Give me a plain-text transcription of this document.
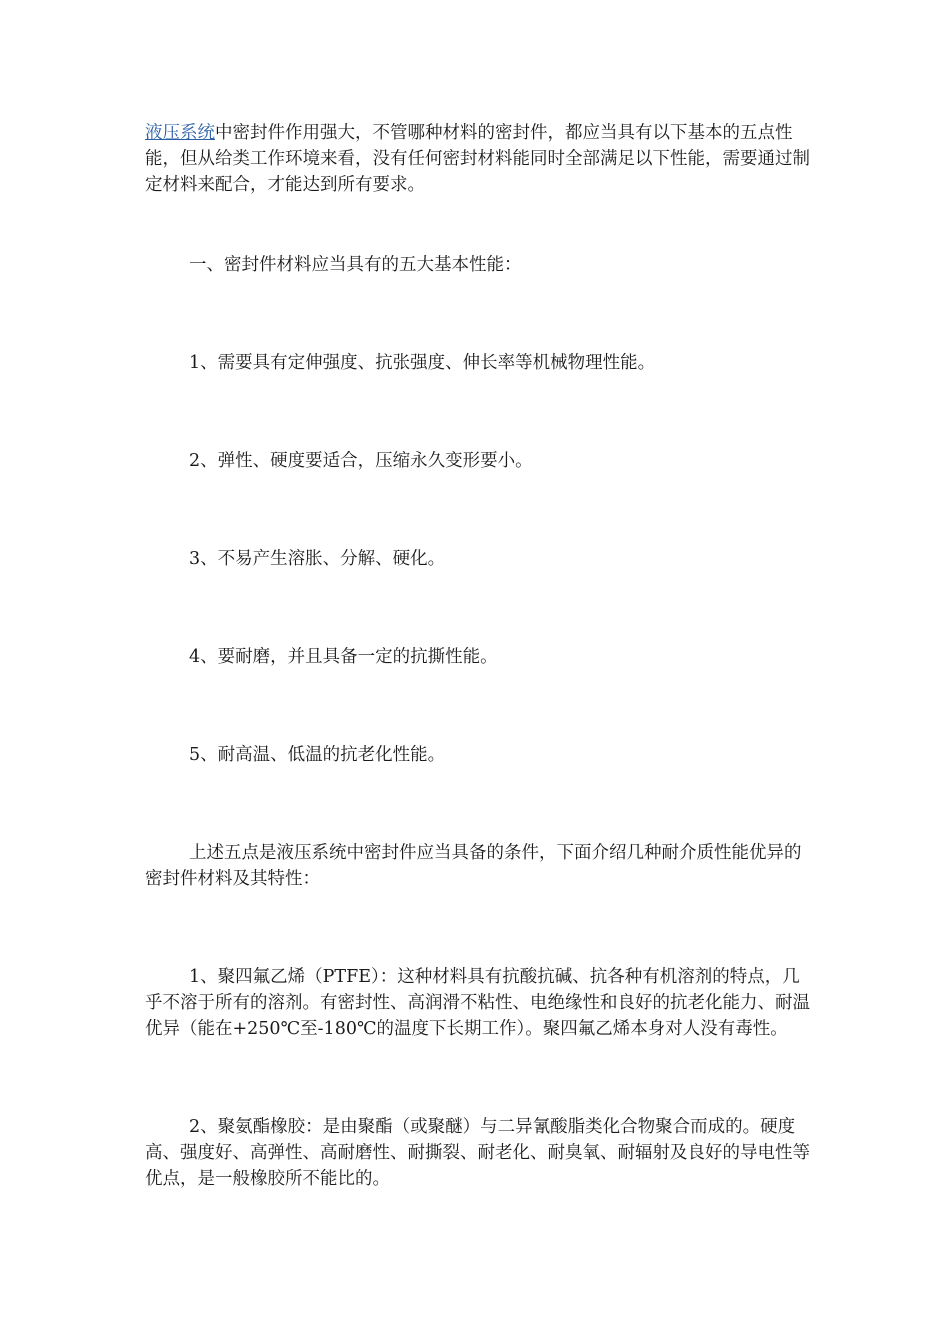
液压系统中密封件作用强大，不管哪种材料的密封件，都应当具有以下基本的五点性能，但从给类工作环境来看，没有任何密封材料能同时全部满足以下性能，需要通过制定材料来配合，才能达到所有要求。

一、密封件材料应当具有的五大基本性能：

1、需要具有定伸强度、抗张强度、伸长率等机械物理性能。

2、弹性、硬度要适合，压缩永久变形要小。

3、不易产生溶胀、分解、硬化。

4、要耐磨，并且具备一定的抗撕性能。

5、耐高温、低温的抗老化性能。

上述五点是液压系统中密封件应当具备的条件，下面介绍几种耐介质性能优异的密封件材料及其特性：

1、聚四氟乙烯（PTFE）：这种材料具有抗酸抗碱、抗各种有机溶剂的特点，几乎不溶于所有的溶剂。有密封性、高润滑不粘性、电绝缘性和良好的抗老化能力、耐温优异（能在+250℃至-180℃的温度下长期工作）。聚四氟乙烯本身对人没有毒性。

2、聚氨酯橡胶：是由聚酯（或聚醚）与二异氰酸脂类化合物聚合而成的。硬度高、强度好、高弹性、高耐磨性、耐撕裂、耐老化、耐臭氧、耐辐射及良好的导电性等优点，是一般橡胶所不能比的。
